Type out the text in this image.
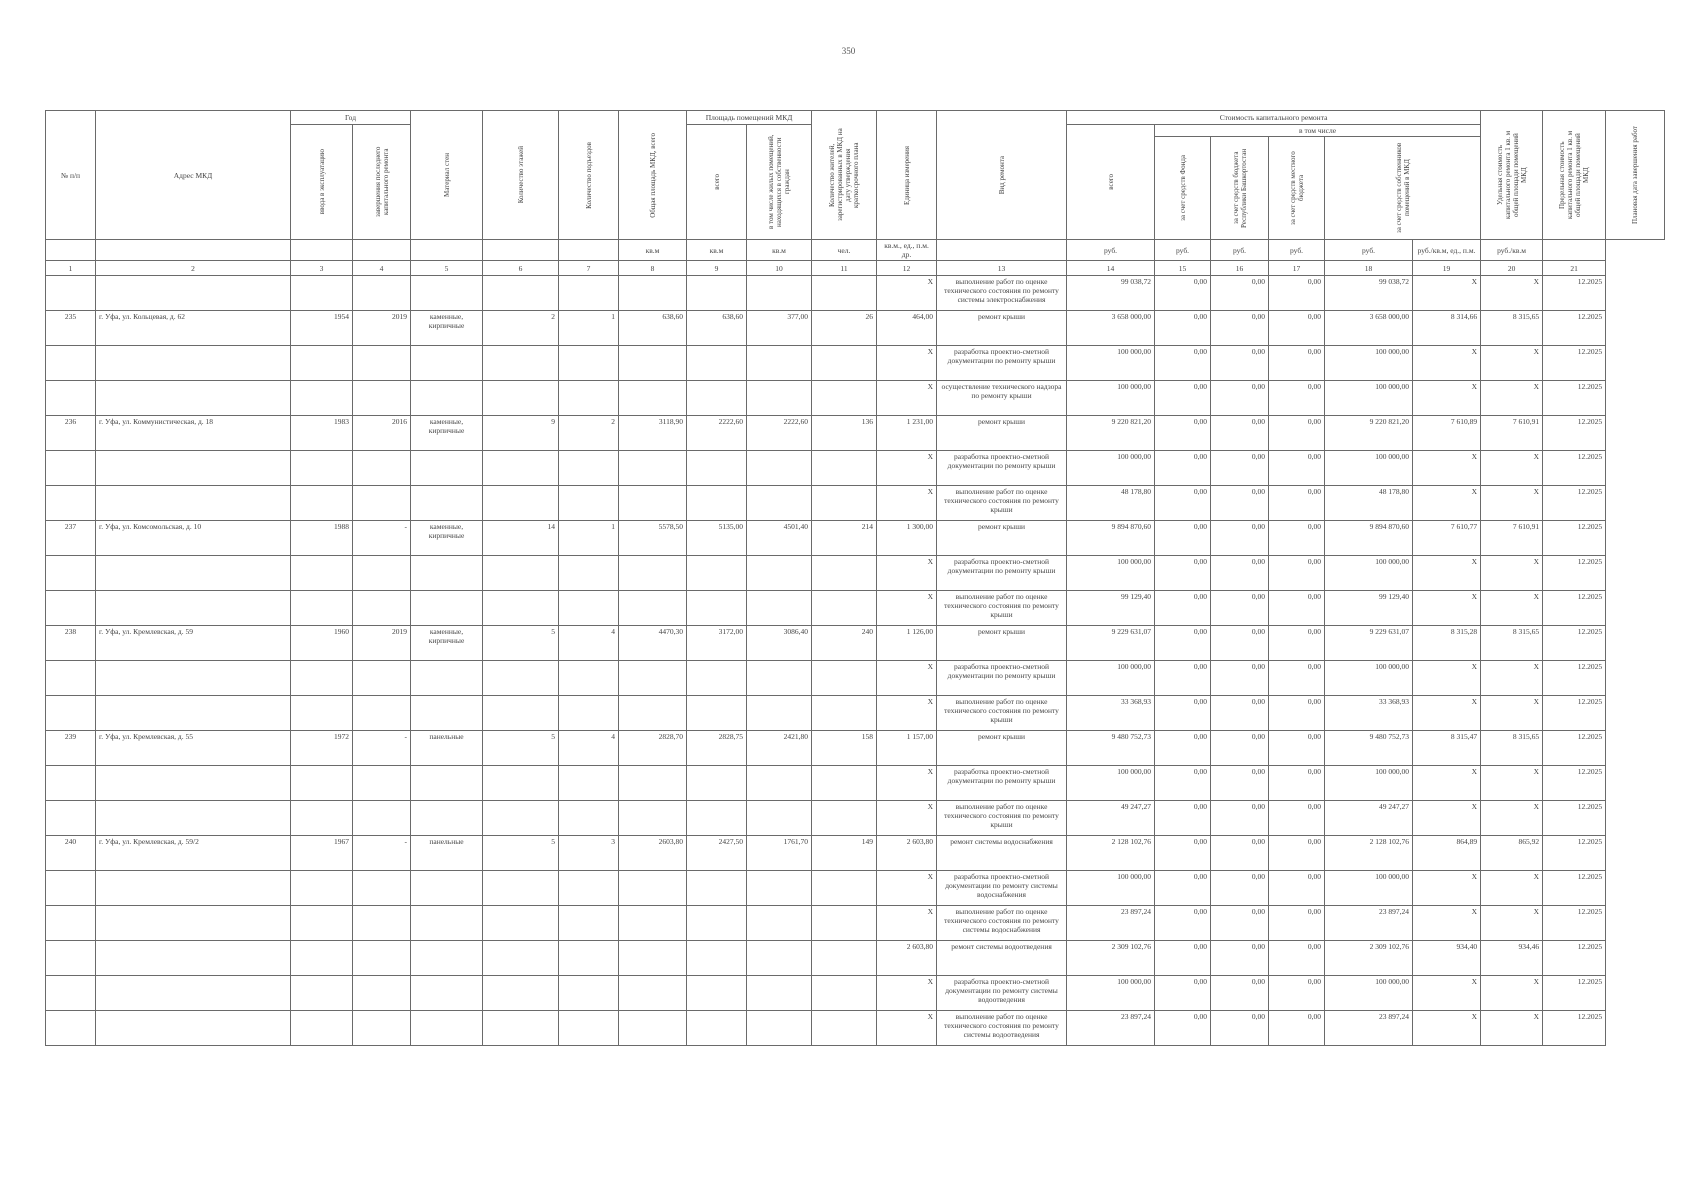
350
№ п/п	Адрес МКД	Год		Материал стен	Количество этажей	Количество подъездов	Общая площадь МКД, всего	Площадь помещений МКД		Количество жителей, зарегистрированных в МКД на дату утверждения краткосрочного плана	Единица измерения	Вид ремонта	Стоимость капитального ремонта						Удельная стоимость капитального ремонта 1 кв. м общей площади помещений МКД	Предельная стоимость капитального ремонта 1 кв. м общей площади помещений МКД	Плановая дата завершения работ

		ввода в эксплуатацию	завершения последнего капитального ремонта					всего	в том числе жилых помещений, находящихся в собственности граждан				всего	в том числе							

														за счет средств Фонда	за счет средств бюджета Республики Башкортостан	за счет средств местного бюджета	за счет средств собственников помещений в МКД				

							кв.м	кв.м	кв.м	чел.	кв.м., ед., п.м. др.		руб.	руб.	руб.	руб.	руб.	руб./кв.м, ед., п.м.	руб./кв.м		
1	2	3	4	5	6	7	8	9	10	11	12	13	14	15	16	17	18	19	20	21	
											X	выполнение работ по оценке технического состояния по ремонту системы электроснабжения	99 038,72	0,00	0,00	0,00	99 038,72	X	X	12.2025	
235	г. Уфа, ул. Кольцевая, д. 62	1954	2019	каменные, кирпичные	2	1	638,60	638,60	377,00	26	464,00	ремонт крыши	3 658 000,00	0,00	0,00	0,00	3 658 000,00	8 314,66	8 315,65	12.2025	
											X	разработка проектно-сметной документации по ремонту крыши	100 000,00	0,00	0,00	0,00	100 000,00	X	X	12.2025	
											X	осуществление технического надзора по ремонту крыши	100 000,00	0,00	0,00	0,00	100 000,00	X	X	12.2025	
236	г. Уфа, ул. Коммунистическая, д. 18	1983	2016	каменные, кирпичные	9	2	3118,90	2222,60	2222,60	136	1 231,00	ремонт крыши	9 220 821,20	0,00	0,00	0,00	9 220 821,20	7 610,89	7 610,91	12.2025	
											X	разработка проектно-сметной документации по ремонту крыши	100 000,00	0,00	0,00	0,00	100 000,00	X	X	12.2025	
											X	выполнение работ по оценке технического состояния по ремонту крыши	48 178,80	0,00	0,00	0,00	48 178,80	X	X	12.2025	
237	г. Уфа, ул. Комсомольская, д. 10	1988	-	каменные, кирпичные	14	1	5578,50	5135,00	4501,40	214	1 300,00	ремонт крыши	9 894 870,60	0,00	0,00	0,00	9 894 870,60	7 610,77	7 610,91	12.2025	
											X	разработка проектно-сметной документации по ремонту крыши	100 000,00	0,00	0,00	0,00	100 000,00	X	X	12.2025	
											X	выполнение работ по оценке технического состояния по ремонту крыши	99 129,40	0,00	0,00	0,00	99 129,40	X	X	12.2025	
238	г. Уфа, ул. Кремлевская, д. 59	1960	2019	каменные, кирпичные	5	4	4470,30	3172,00	3086,40	240	1 126,00	ремонт крыши	9 229 631,07	0,00	0,00	0,00	9 229 631,07	8 315,28	8 315,65	12.2025	
											X	разработка проектно-сметной документации по ремонту крыши	100 000,00	0,00	0,00	0,00	100 000,00	X	X	12.2025	
											X	выполнение работ по оценке технического состояния по ремонту крыши	33 368,93	0,00	0,00	0,00	33 368,93	X	X	12.2025	
239	г. Уфа, ул. Кремлевская, д. 55	1972	-	панельные	5	4	2828,70	2828,75	2421,80	158	1 157,00	ремонт крыши	9 480 752,73	0,00	0,00	0,00	9 480 752,73	8 315,47	8 315,65	12.2025	
											X	разработка проектно-сметной документации по ремонту крыши	100 000,00	0,00	0,00	0,00	100 000,00	X	X	12.2025	
											X	выполнение работ по оценке технического состояния по ремонту крыши	49 247,27	0,00	0,00	0,00	49 247,27	X	X	12.2025	
240	г. Уфа, ул. Кремлевская, д. 59/2	1967	-	панельные	5	3	2603,80	2427,50	1761,70	149	2 603,80	ремонт системы водоснабжения	2 128 102,76	0,00	0,00	0,00	2 128 102,76	864,89	865,92	12.2025	
											X	разработка проектно-сметной документации по ремонту системы водоснабжения	100 000,00	0,00	0,00	0,00	100 000,00	X	X	12.2025	
											X	выполнение работ по оценке технического состояния по ремонту системы водоснабжения	23 897,24	0,00	0,00	0,00	23 897,24	X	X	12.2025	
											2 603,80	ремонт системы водоотведения	2 309 102,76	0,00	0,00	0,00	2 309 102,76	934,40	934,46	12.2025	
											X	разработка проектно-сметной документации по ремонту системы водоотведения	100 000,00	0,00	0,00	0,00	100 000,00	X	X	12.2025	
											X	выполнение работ по оценке технического состояния по ремонту системы водоотведения	23 897,24	0,00	0,00	0,00	23 897,24	X	X	12.2025	
